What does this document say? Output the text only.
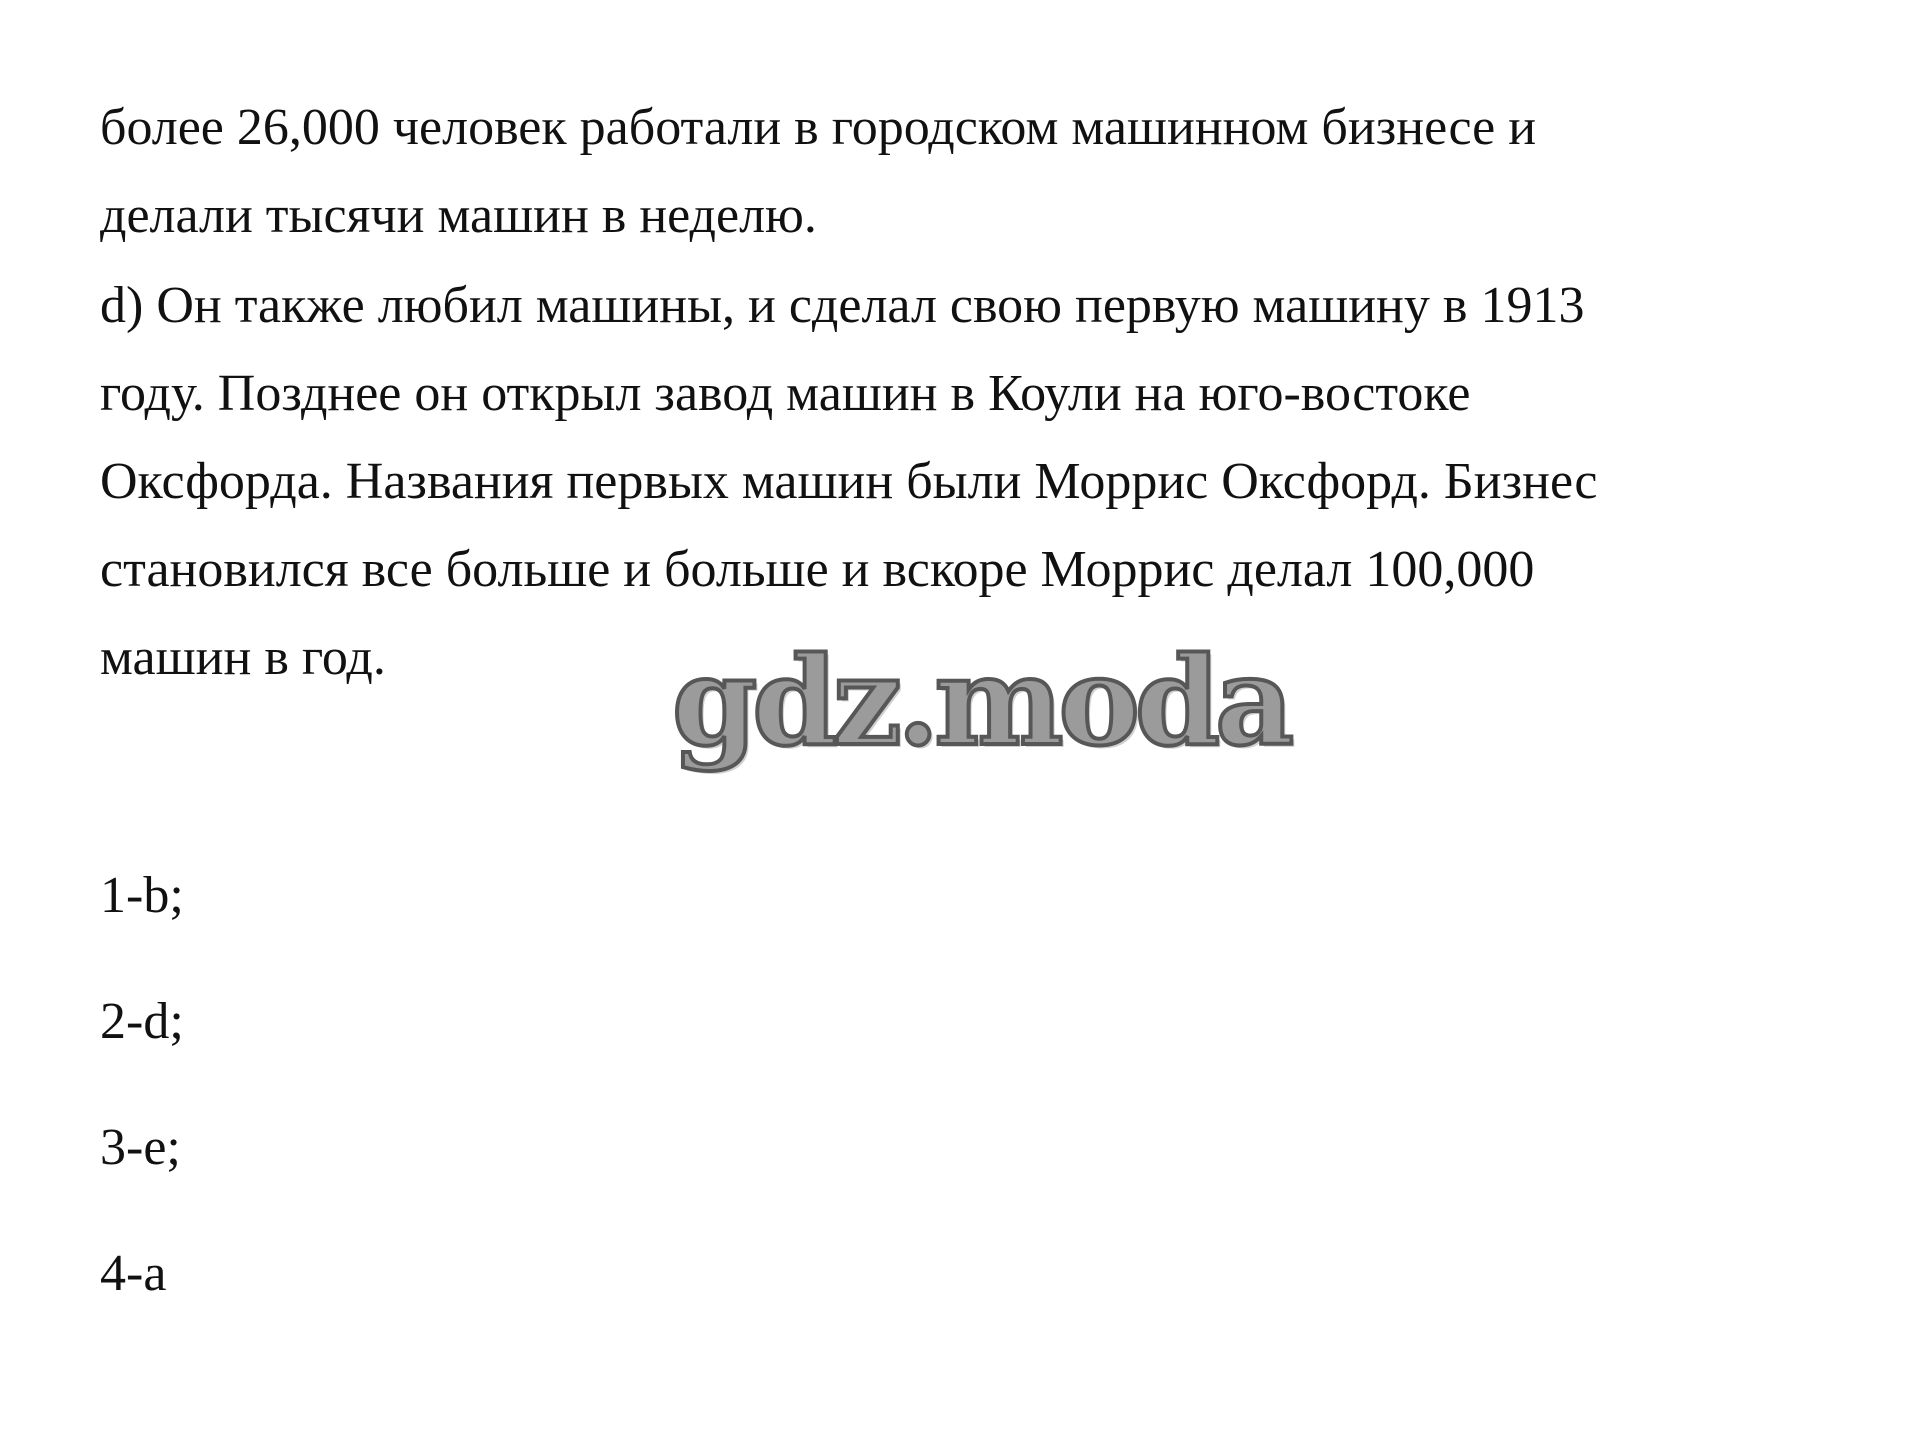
более 26,000 человек работали в городском машинном бизнесе и
делали тысячи машин в неделю.

d) Он также любил машины, и сделал свою первую машину в 1913
году. Позднее он открыл завод машин в Коули на юго-востоке
Оксфорда. Названия первых машин были Моррис Оксфорд. Бизнес
становился все больше и больше и вскоре Моррис делал 100,000
машин в год.	gdz.moda
1-b;
2-d;
3-e;
4-a
